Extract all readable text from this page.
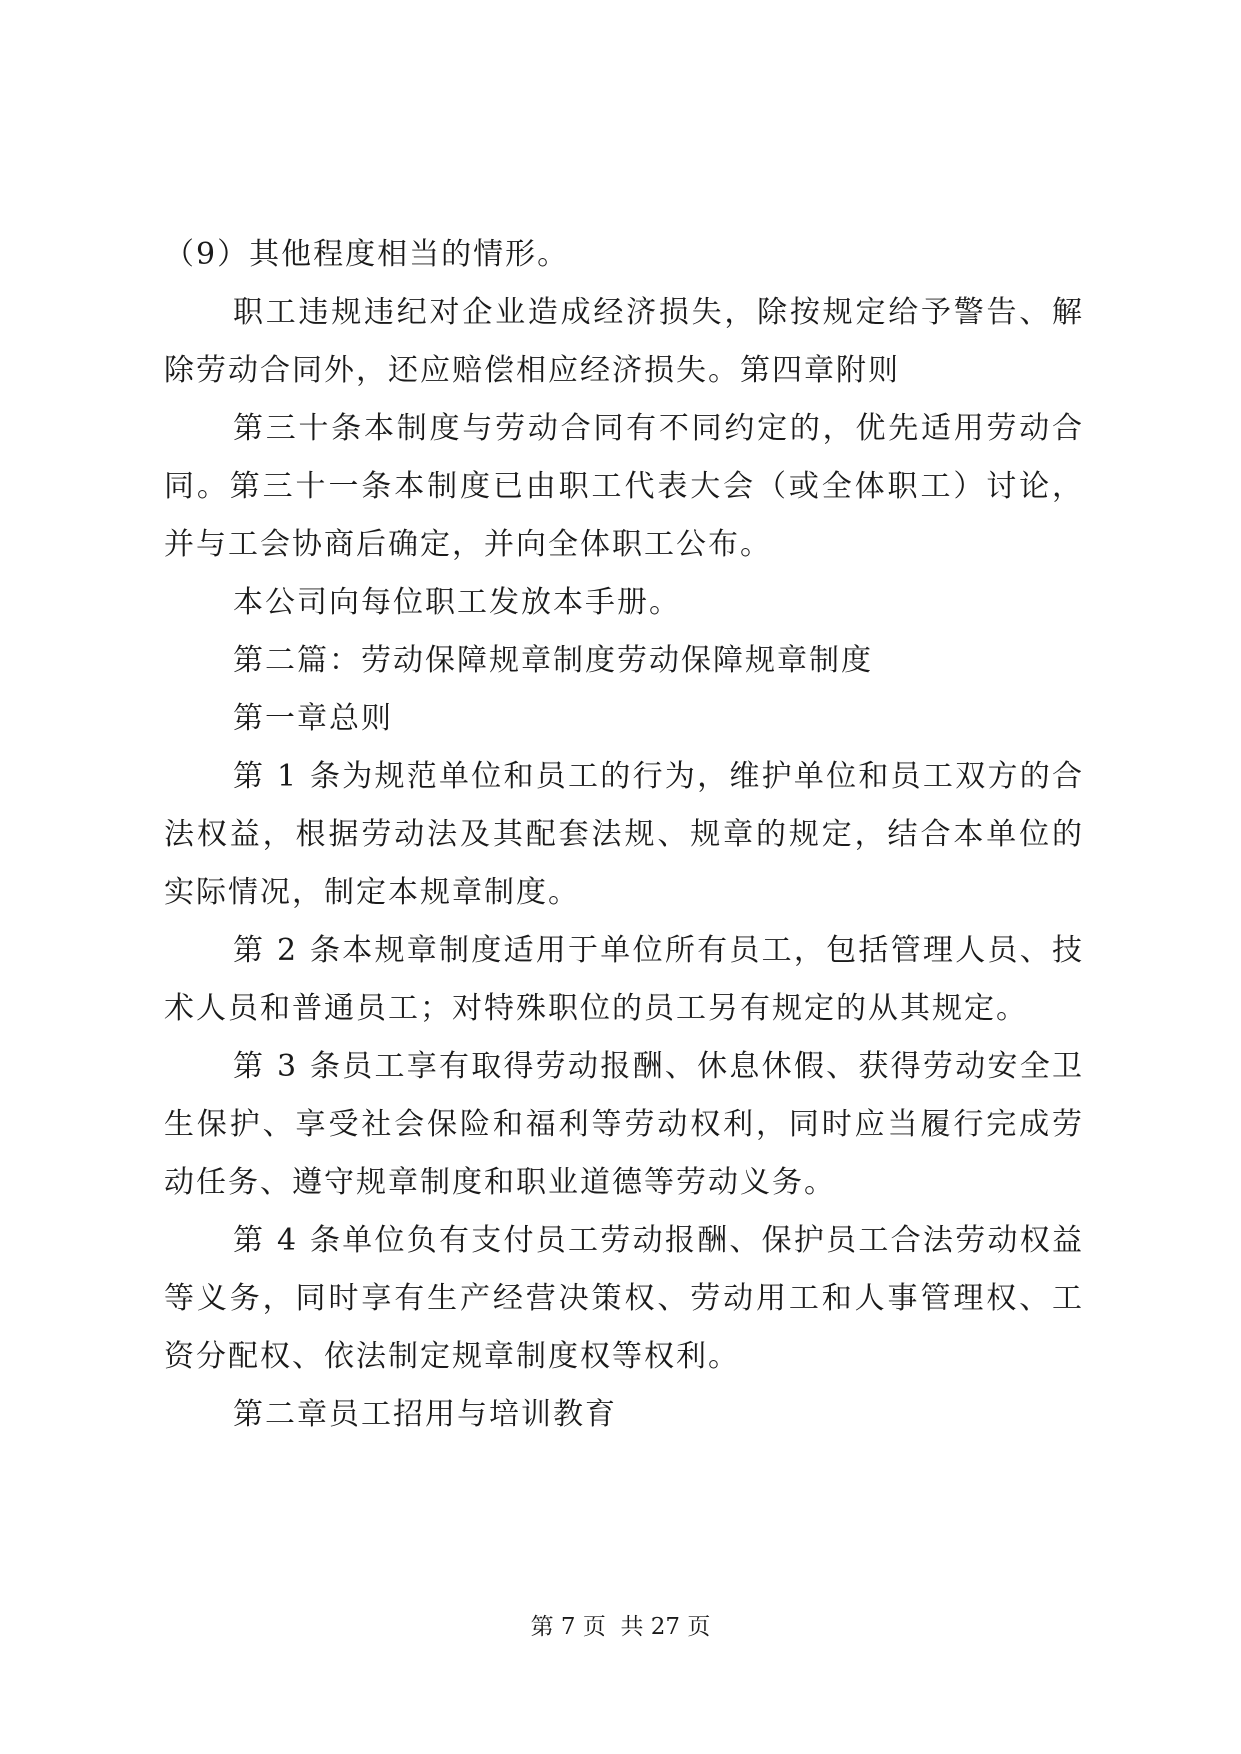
（9）其他程度相当的情形。

职工违规违纪对企业造成经济损失，除按规定给予警告、解除劳动合同外，还应赔偿相应经济损失。第四章附则

第三十条本制度与劳动合同有不同约定的，优先适用劳动合同。第三十一条本制度已由职工代表大会（或全体职工）讨论，并与工会协商后确定，并向全体职工公布。

本公司向每位职工发放本手册。

第二篇：劳动保障规章制度劳动保障规章制度

第一章总则

第 1 条为规范单位和员工的行为，维护单位和员工双方的合法权益，根据劳动法及其配套法规、规章的规定，结合本单位的实际情况，制定本规章制度。

第 2 条本规章制度适用于单位所有员工，包括管理人员、技术人员和普通员工；对特殊职位的员工另有规定的从其规定。

第 3 条员工享有取得劳动报酬、休息休假、获得劳动安全卫生保护、享受社会保险和福利等劳动权利，同时应当履行完成劳动任务、遵守规章制度和职业道德等劳动义务。

第 4 条单位负有支付员工劳动报酬、保护员工合法劳动权益等义务，同时享有生产经营决策权、劳动用工和人事管理权、工资分配权、依法制定规章制度权等权利。

第二章员工招用与培训教育

第 7 页  共 27 页
